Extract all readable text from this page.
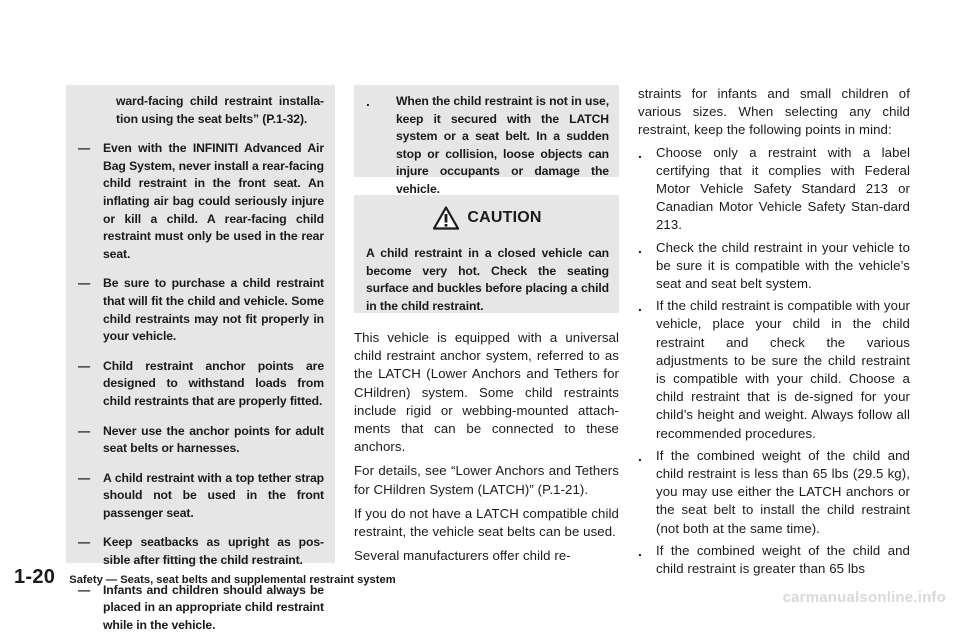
ward-facing child restraint installa-tion using the seat belts” (P.1-32).

—	Even with the INFINITI Advanced Air Bag System, never install a rear-facing child restraint in the front seat. An inflating air bag could seriously injure or kill a child. A rear-facing child restraint must only be used in the rear seat.

—	Be sure to purchase a child restraint that will fit the child and vehicle. Some child restraints may not fit properly in your vehicle.

—	Child restraint anchor points are designed to withstand loads from child restraints that are properly fitted.

—	Never use the anchor points for adult seat belts or harnesses.

—	A child restraint with a top tether strap should not be used in the front passenger seat.

—	Keep seatbacks as upright as pos-sible after fitting the child restraint.

—	Infants and children should always be placed in an appropriate child restraint while in the vehicle.

.	When the child restraint is not in use, keep it secured with the LATCH system or a seat belt. In a sudden stop or collision, loose objects can injure occupants or damage the vehicle.
CAUTION
A child restraint in a closed vehicle can become very hot. Check the seating surface and buckles before placing a child in the child restraint.

This vehicle is equipped with a universal child restraint anchor system, referred to as the LATCH (Lower Anchors and Tethers for CHildren) system. Some child restraints include rigid or webbing-mounted attach-ments that can be connected to these anchors.

For details, see “Lower Anchors and Tethers for CHildren System (LATCH)” (P.1-21).

If you do not have a LATCH compatible child restraint, the vehicle seat belts can be used.

Several manufacturers offer child re-

straints for infants and small children of various sizes. When selecting any child restraint, keep the following points in mind:

.	Choose only a restraint with a label certifying that it complies with Federal Motor Vehicle Safety Standard 213 or Canadian Motor Vehicle Safety Stan-dard 213.
.	Check the child restraint in your vehicle to be sure it is compatible with the vehicle’s seat and seat belt system.
.	If the child restraint is compatible with your vehicle, place your child in the child restraint and check the various adjustments to be sure the child restraint is compatible with your child. Choose a child restraint that is de-signed for your child’s height and weight. Always follow all recommended procedures.
.	If the combined weight of the child and child restraint is less than 65 lbs (29.5 kg), you may use either the LATCH anchors or the seat belt to install the child restraint (not both at the same time).
.	If the combined weight of the child and child restraint is greater than 65 lbs
1-20 Safety — Seats, seat belts and supplemental restraint system
carmanualsonline.info
